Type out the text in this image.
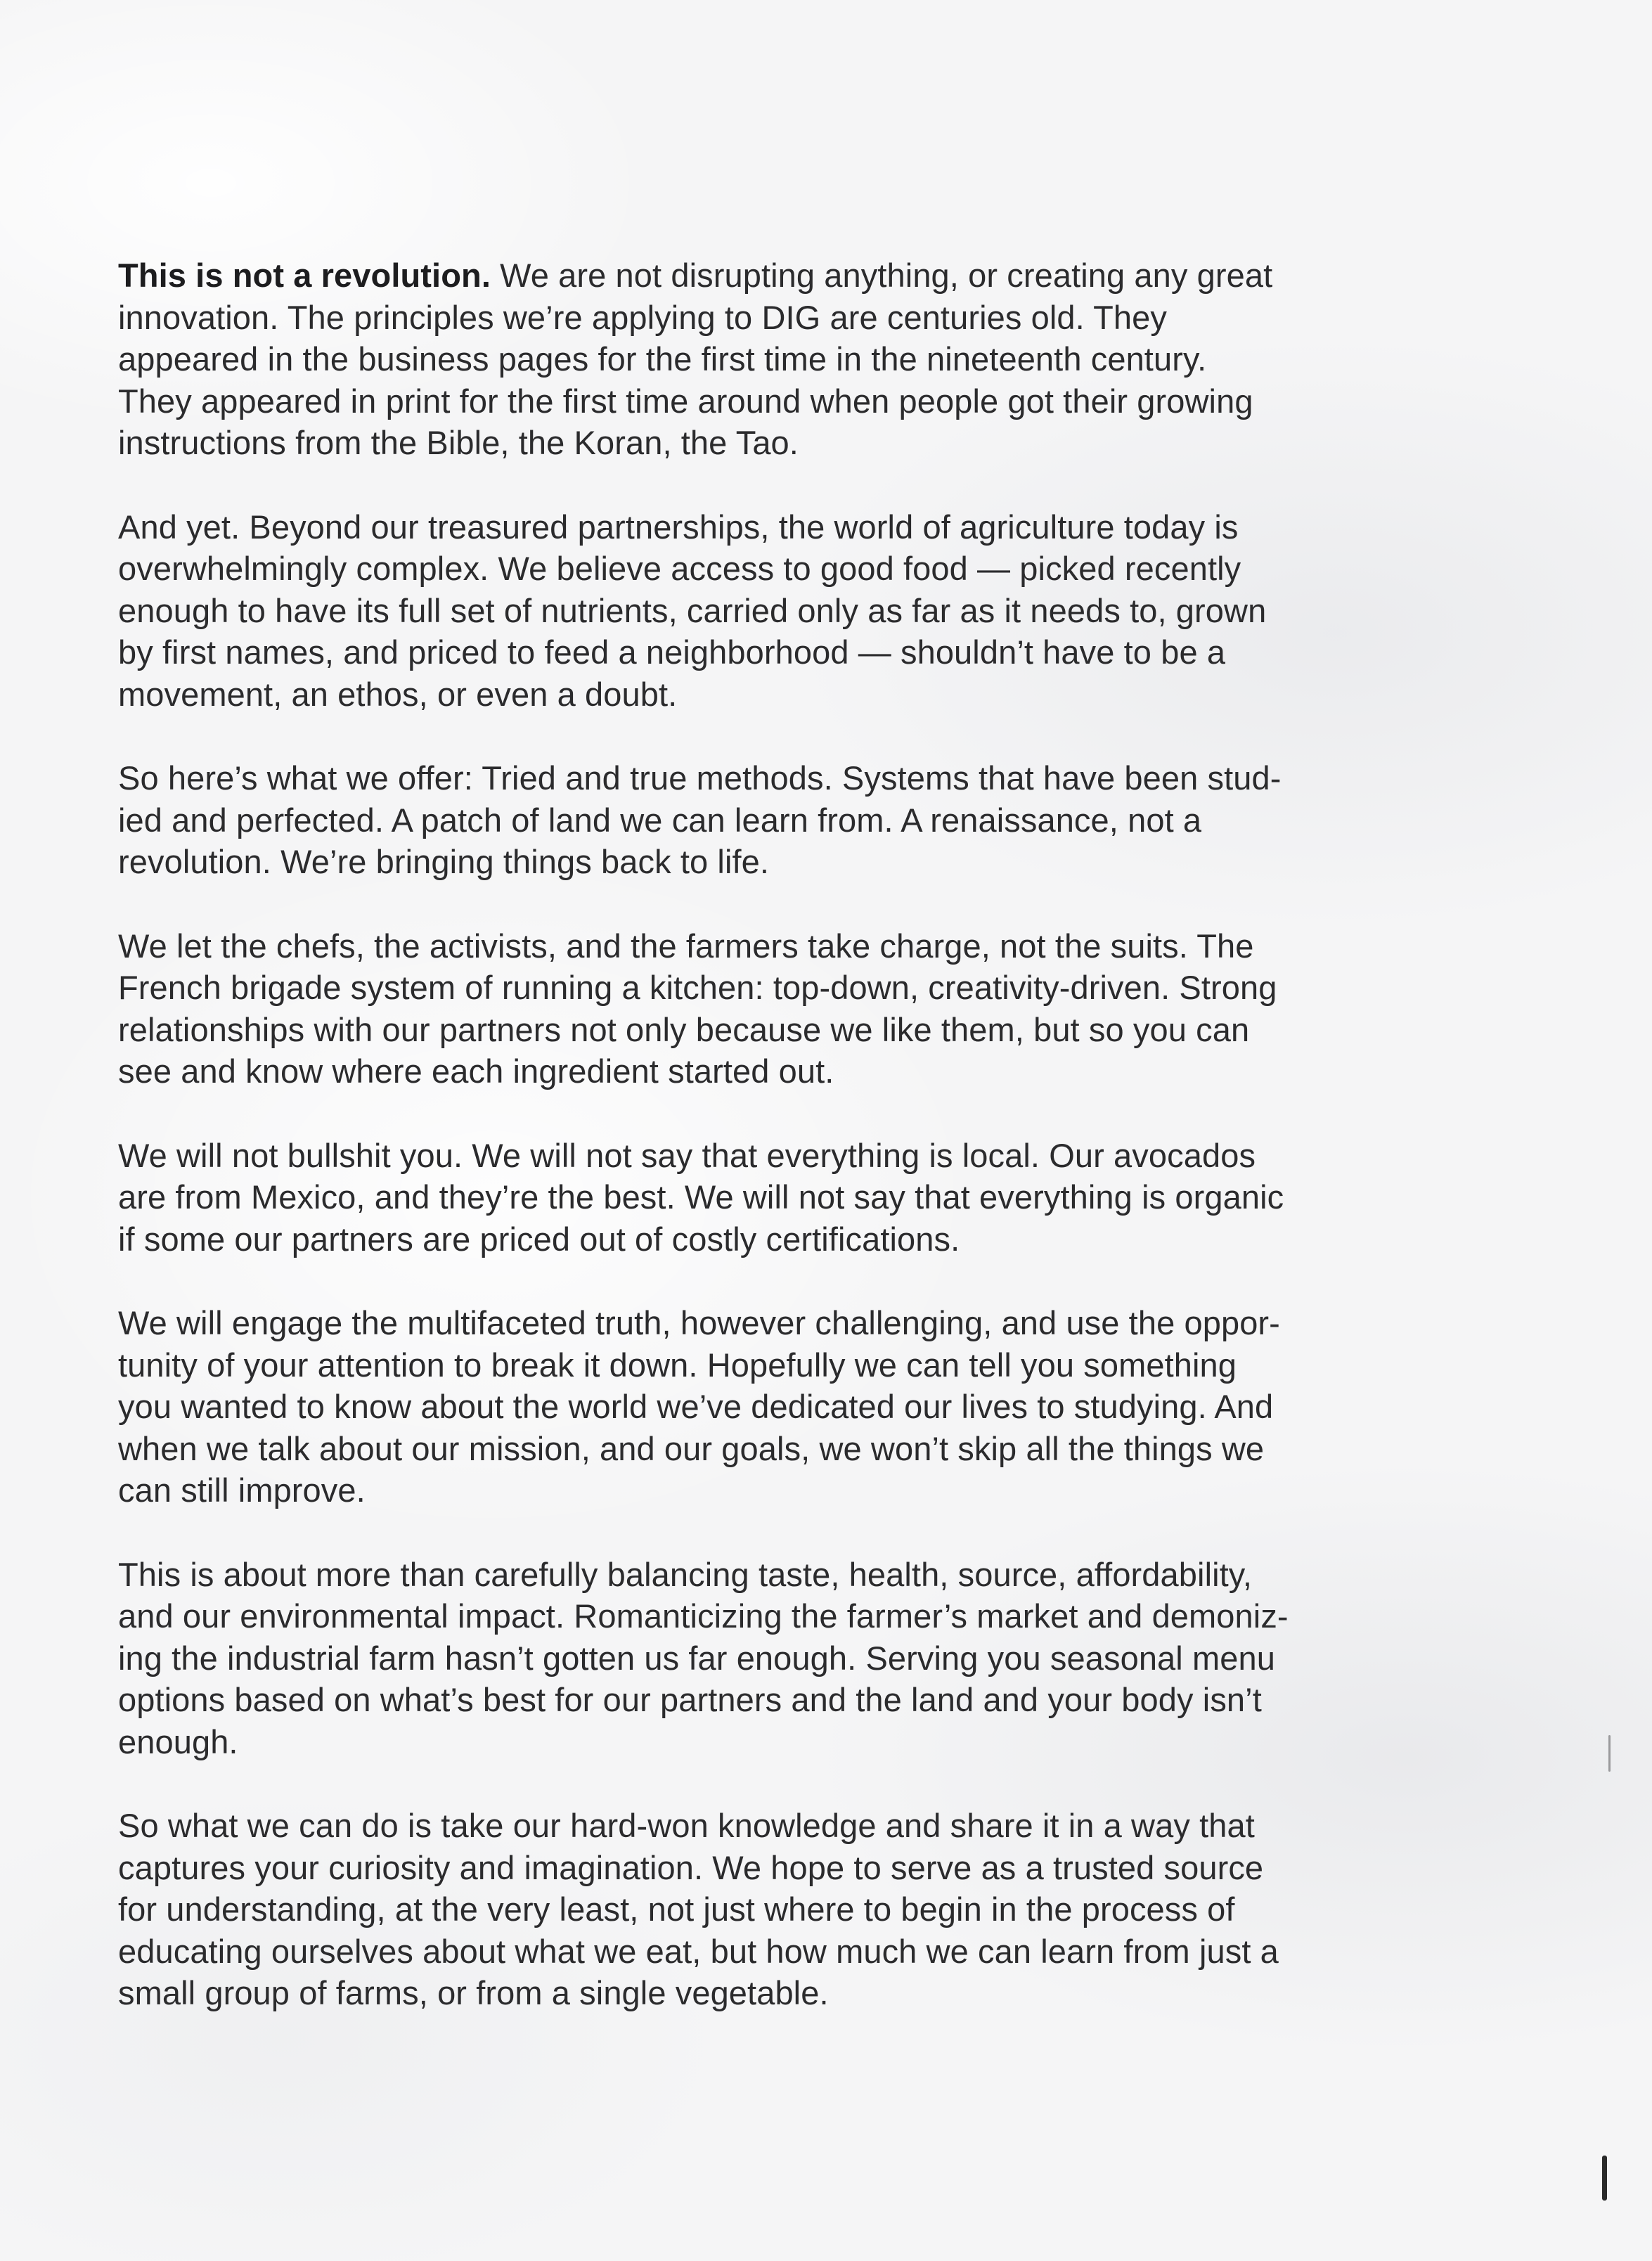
This is not a revolution. We are not disrupting anything, or creating any great
innovation. The principles we’re applying to DIG are centuries old. They
appeared in the business pages for the first time in the nineteenth century.
They appeared in print for the first time around when people got their growing
instructions from the Bible, the Koran, the Tao.

And yet. Beyond our treasured partnerships, the world of agriculture today is
overwhelmingly complex. We believe access to good food — picked recently
enough to have its full set of nutrients, carried only as far as it needs to, grown
by first names, and priced to feed a neighborhood — shouldn’t have to be a
movement, an ethos, or even a doubt.

So here’s what we offer: Tried and true methods. Systems that have been stud-
ied and perfected. A patch of land we can learn from. A renaissance, not a
revolution. We’re bringing things back to life.

We let the chefs, the activists, and the farmers take charge, not the suits. The
French brigade system of running a kitchen: top-down, creativity-driven. Strong
relationships with our partners not only because we like them, but so you can
see and know where each ingredient started out.

We will not bullshit you. We will not say that everything is local. Our avocados
are from Mexico, and they’re the best. We will not say that everything is organic
if some our partners are priced out of costly certifications.

We will engage the multifaceted truth, however challenging, and use the oppor-
tunity of your attention to break it down. Hopefully we can tell you something
you wanted to know about the world we’ve dedicated our lives to studying. And
when we talk about our mission, and our goals, we won’t skip all the things we
can still improve.

This is about more than carefully balancing taste, health, source, affordability,
and our environmental impact. Romanticizing the farmer’s market and demoniz-
ing the industrial farm hasn’t gotten us far enough. Serving you seasonal menu
options based on what’s best for our partners and the land and your body isn’t
enough.

So what we can do is take our hard-won knowledge and share it in a way that
captures your curiosity and imagination. We hope to serve as a trusted source
for understanding, at the very least, not just where to begin in the process of
educating ourselves about what we eat, but how much we can learn from just a
small group of farms, or from a single vegetable.
